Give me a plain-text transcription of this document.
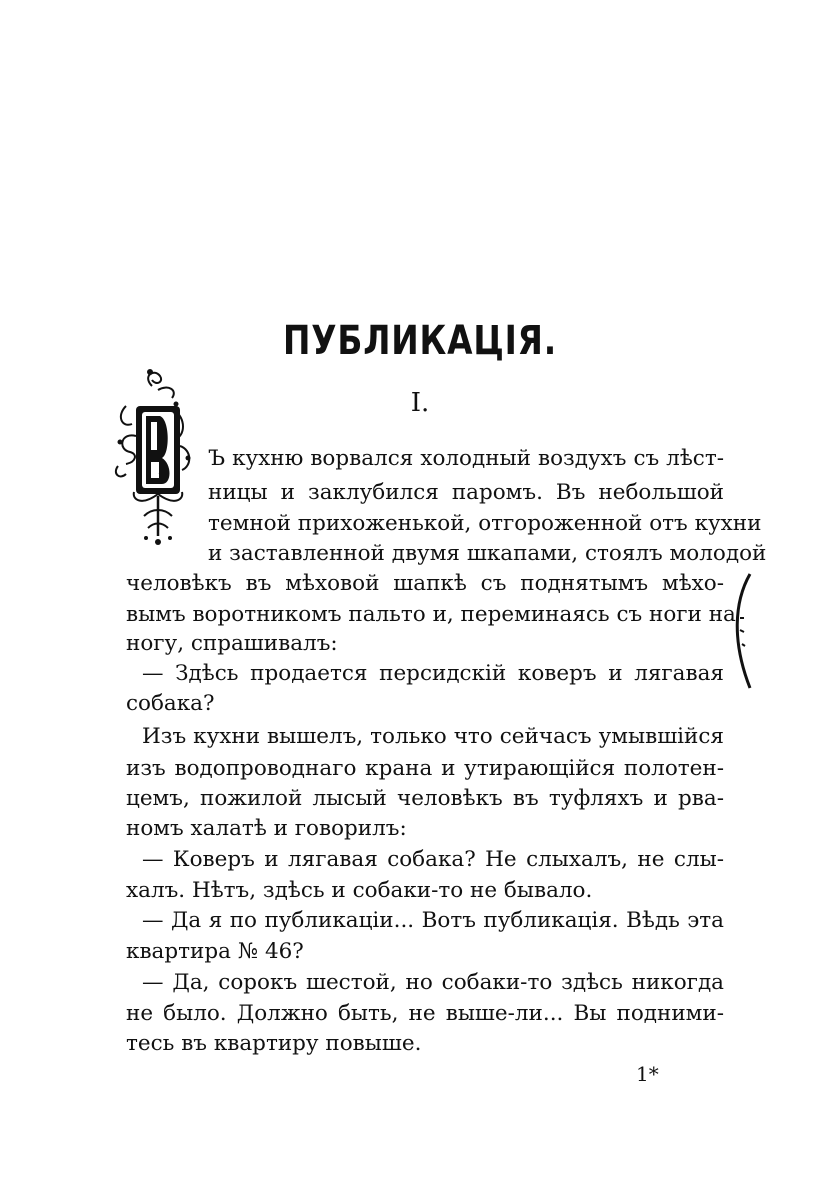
ПУБЛИКАЦІЯ.
I.
В
Ъ кухню ворвался холодный воздухъ съ лѣст-
ницы и заклубился паромъ. Въ небольшой
темной прихоженькой, отгороженной отъ кухни
и заставленной двумя шкапами, стоялъ молодой
человѣкъ въ мѣховой шапкѣ съ поднятымъ мѣхо-
вымъ воротникомъ пальто и, переминаясь съ ноги на
ногу, спрашивалъ:
— Здѣсь продается персидскій коверъ и лягавая
собака?
Изъ кухни вышелъ, только что сейчасъ умывшійся
изъ водопроводнаго крана и утирающійся полотен-
цемъ, пожилой лысый человѣкъ въ туфляхъ и рва-
номъ халатѣ и говорилъ:
— Коверъ и лягавая собака? Не слыхалъ, не слы-
халъ. Нѣтъ, здѣсь и собаки-то не бывало.
— Да я по публикаціи... Вотъ публикація. Вѣдь эта
квартира № 46?
— Да, сорокъ шестой, но собаки-то здѣсь никогда
не было. Должно быть, не выше-ли... Вы подними-
тесь въ квартиру повыше.
1*
